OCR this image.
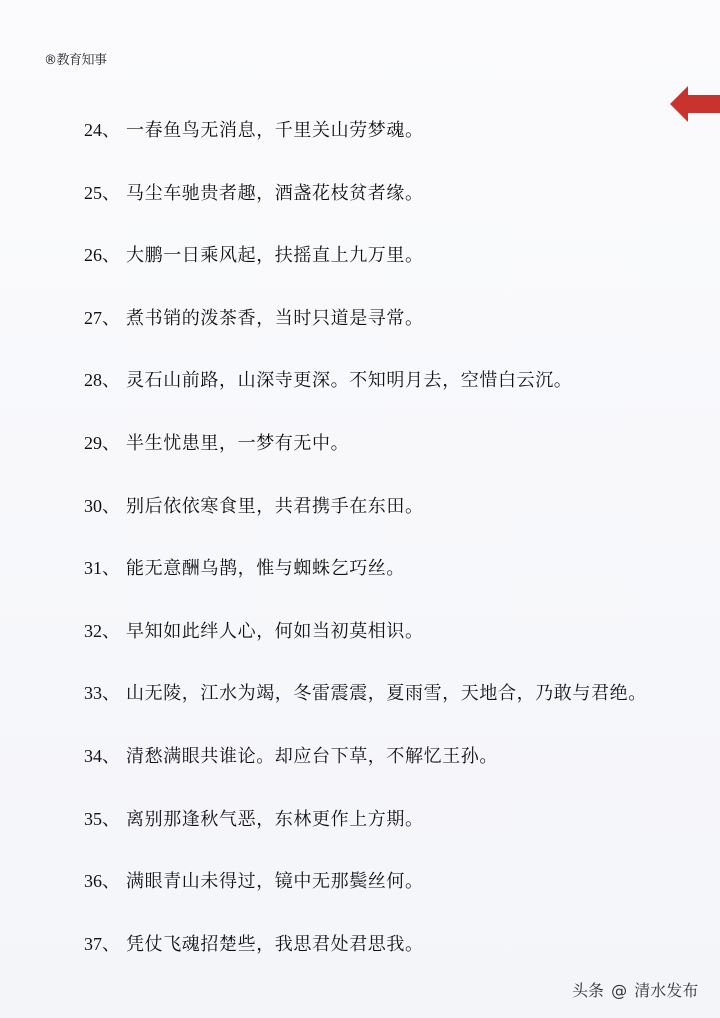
®教育知事
24、 一春鱼鸟无消息，千里关山劳梦魂。
25、 马尘车驰贵者趣，酒盏花枝贫者缘。
26、 大鹏一日乘风起，扶摇直上九万里。
27、 煮书销的泼茶香，当时只道是寻常。
28、 灵石山前路，山深寺更深。不知明月去，空惜白云沉。
29、 半生忧患里，一梦有无中。
30、 别后依依寒食里，共君携手在东田。
31、 能无意酬乌鹊，惟与蜘蛛乞巧丝。
32、 早知如此绊人心，何如当初莫相识。
33、 山无陵，江水为竭，冬雷震震，夏雨雪，天地合，乃敢与君绝。
34、 清愁满眼共谁论。却应台下草，不解忆王孙。
35、 离别那逢秋气恶，东林更作上方期。
36、 满眼青山未得过，镜中无那鬓丝何。
37、 凭仗飞魂招楚些，我思君处君思我。
头条 @ 清水发布
